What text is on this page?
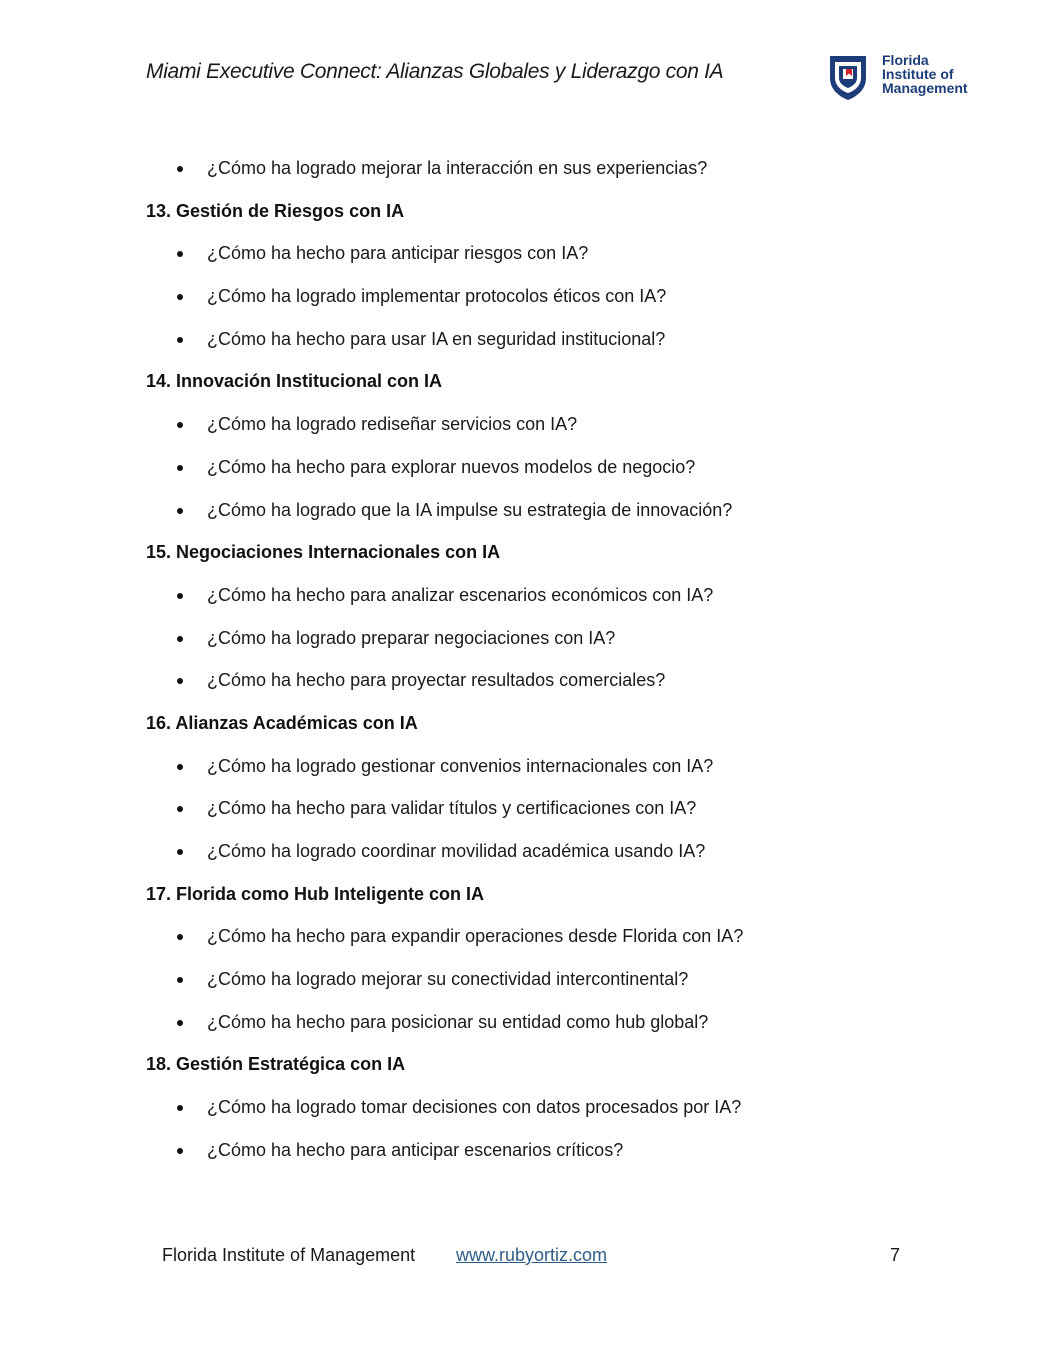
Miami Executive Connect: Alianzas Globales y Liderazgo con IA	Florida
Institute of
Management
¿Cómo ha logrado mejorar la interacción en sus experiencias?
13. Gestión de Riesgos con IA
¿Cómo ha hecho para anticipar riesgos con IA?
¿Cómo ha logrado implementar protocolos éticos con IA?
¿Cómo ha hecho para usar IA en seguridad institucional?
14. Innovación Institucional con IA
¿Cómo ha logrado rediseñar servicios con IA?
¿Cómo ha hecho para explorar nuevos modelos de negocio?
¿Cómo ha logrado que la IA impulse su estrategia de innovación?
15. Negociaciones Internacionales con IA
¿Cómo ha hecho para analizar escenarios económicos con IA?
¿Cómo ha logrado preparar negociaciones con IA?
¿Cómo ha hecho para proyectar resultados comerciales?
16. Alianzas Académicas con IA
¿Cómo ha logrado gestionar convenios internacionales con IA?
¿Cómo ha hecho para validar títulos y certificaciones con IA?
¿Cómo ha logrado coordinar movilidad académica usando IA?
17. Florida como Hub Inteligente con IA
¿Cómo ha hecho para expandir operaciones desde Florida con IA?
¿Cómo ha logrado mejorar su conectividad intercontinental?
¿Cómo ha hecho para posicionar su entidad como hub global?
18. Gestión Estratégica con IA
¿Cómo ha logrado tomar decisiones con datos procesados por IA?
¿Cómo ha hecho para anticipar escenarios críticos?
Florida Institute of Management www.rubyortiz.com	7
